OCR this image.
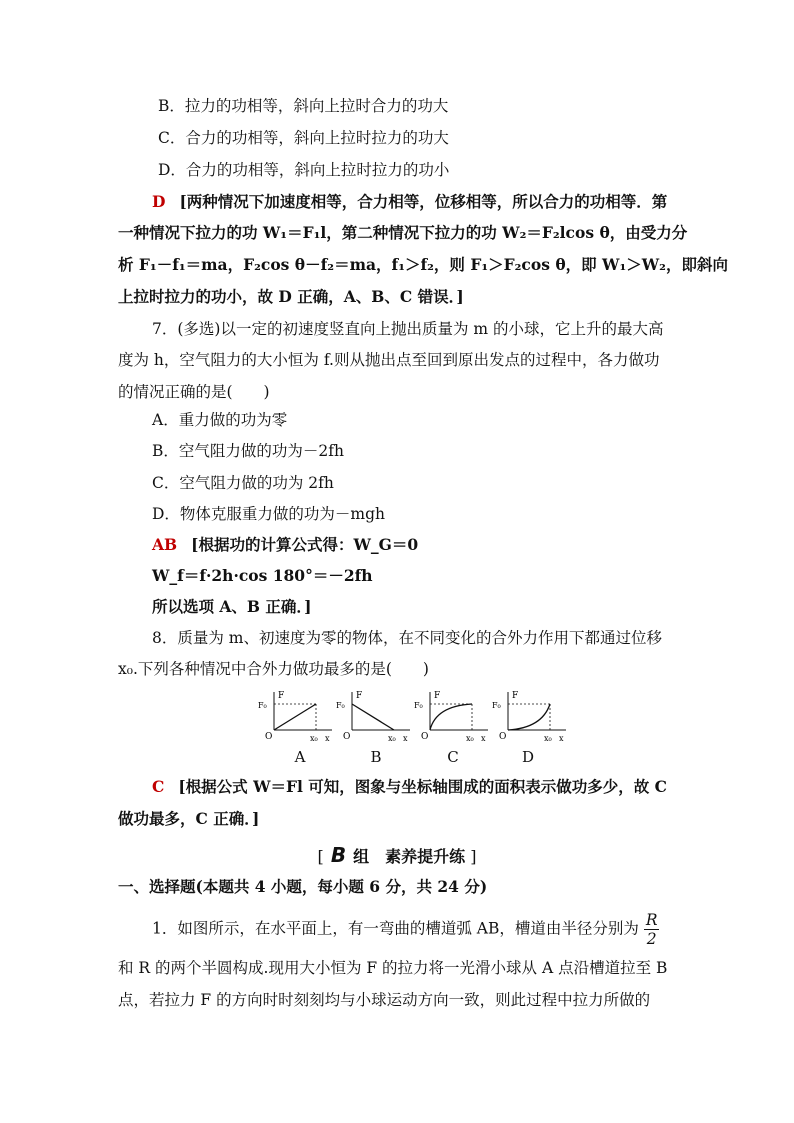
B．拉力的功相等，斜向上拉时合力的功大
C．合力的功相等，斜向上拉时拉力的功大
D．合力的功相等，斜向上拉时拉力的功小
D [两种情况下加速度相等，合力相等，位移相等，所以合力的功相等．第
一种情况下拉力的功 W₁＝F₁l，第二种情况下拉力的功 W₂＝F₂lcos θ，由受力分
析 F₁－f₁＝ma，F₂cos θ－f₂＝ma，f₁＞f₂，则 F₁＞F₂cos θ，即 W₁＞W₂，即斜向
上拉时拉力的功小，故 D 正确，A、B、C 错误．]
7．(多选)以一定的初速度竖直向上抛出质量为 m 的小球，它上升的最大高
度为 h，空气阻力的大小恒为 f.则从抛出点至回到原出发点的过程中，各力做功
的情况正确的是(　　)
A．重力做的功为零
B．空气阻力做的功为－2fh
C．空气阻力做的功为 2fh
D．物体克服重力做的功为－mgh
AB [根据功的计算公式得：W_G＝0
W_f＝f·2h·cos 180°＝－2fh
所以选项 A、B 正确．]
8．质量为 m、初速度为零的物体，在不同变化的合外力作用下都通过位移
x₀.下列各种情况中合外力做功最多的是(　　)
F
F₀
O	x₀ x
F
F₀
O	x₀ x
F
F₀
O	x₀ x
F
F₀
O	x₀ x
A	B	C	D
C [根据公式 W＝Fl 可知，图象与坐标轴围成的面积表示做功多少，故 C
做功最多，C 正确．]
[ B 组　素养提升练 ]
一、选择题(本题共 4 小题，每小题 6 分，共 24 分)
1．如图所示，在水平面上，有一弯曲的槽道弧 AB，槽道由半径分别为 $\frac{R}{2}$
和 R 的两个半圆构成.现用大小恒为 F 的拉力将一光滑小球从 A 点沿槽道拉至 B
点，若拉力 F 的方向时时刻刻均与小球运动方向一致，则此过程中拉力所做的
